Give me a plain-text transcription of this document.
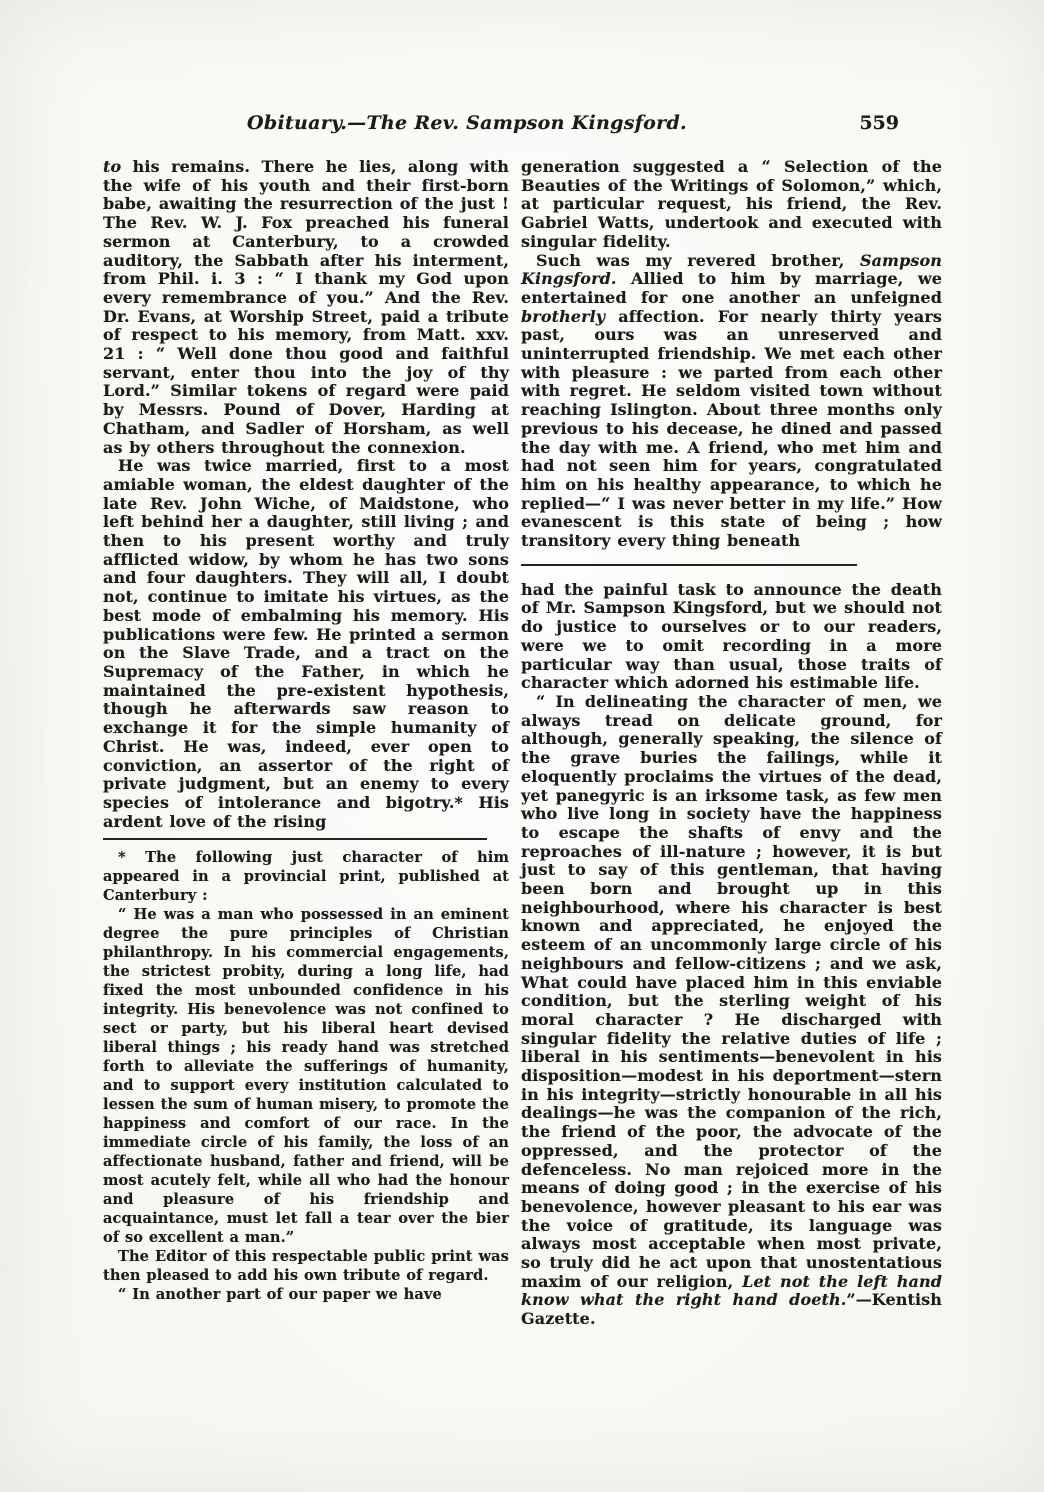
Obituary.—The Rev. Sampson Kingsford.	559

to his remains. There he lies, along with the wife of his youth and their first-born babe, awaiting the resurrection of the just ! The Rev. W. J. Fox preached his funeral sermon at Canterbury, to a crowded auditory, the Sabbath after his interment, from Phil. i. 3 : “ I thank my God upon every remembrance of you.” And the Rev. Dr. Evans, at Worship Street, paid a tribute of respect to his memory, from Matt. xxv. 21 : “ Well done thou good and faithful servant, enter thou into the joy of thy Lord.” Similar tokens of regard were paid by Messrs. Pound of Dover, Harding at Chatham, and Sadler of Horsham, as well as by others throughout the connexion.

He was twice married, first to a most amiable woman, the eldest daughter of the late Rev. John Wiche, of Maidstone, who left behind her a daughter, still living ; and then to his present worthy and truly afflicted widow, by whom he has two sons and four daughters. They will all, I doubt not, continue to imitate his virtues, as the best mode of embalming his memory. His publications were few. He printed a sermon on the Slave Trade, and a tract on the Supremacy of the Father, in which he maintained the pre-existent hypothesis, though he afterwards saw reason to exchange it for the simple humanity of Christ. He was, indeed, ever open to conviction, an assertor of the right of private judgment, but an enemy to every species of intolerance and bigotry.* His ardent love of the rising

* The following just character of him appeared in a provincial print, published at Canterbury :

“ He was a man who possessed in an eminent degree the pure principles of Christian philanthropy. In his commercial engagements, the strictest probity, during a long life, had fixed the most unbounded confidence in his integrity. His benevolence was not confined to sect or party, but his liberal heart devised liberal things ; his ready hand was stretched forth to alleviate the sufferings of humanity, and to support every institution calculated to lessen the sum of human misery, to promote the happiness and comfort of our race. In the immediate circle of his family, the loss of an affectionate husband, father and friend, will be most acutely felt, while all who had the honour and pleasure of his friendship and acquaintance, must let fall a tear over the bier of so excellent a man.”

The Editor of this respectable public print was then pleased to add his own tribute of regard.

“ In another part of our paper we have

generation suggested a “ Selection of the Beauties of the Writings of Solomon,” which, at particular request, his friend, the Rev. Gabriel Watts, undertook and executed with singular fidelity.

Such was my revered brother, Sampson Kingsford. Allied to him by marriage, we entertained for one another an unfeigned brotherly affection. For nearly thirty years past, ours was an unreserved and uninterrupted friendship. We met each other with pleasure : we parted from each other with regret. He seldom visited town without reaching Islington. About three months only previous to his decease, he dined and passed the day with me. A friend, who met him and had not seen him for years, congratulated him on his healthy appearance, to which he replied—“ I was never better in my life.” How evanescent is this state of being ; how transitory every thing beneath

had the painful task to announce the death of Mr. Sampson Kingsford, but we should not do justice to ourselves or to our readers, were we to omit recording in a more particular way than usual, those traits of character which adorned his estimable life.

“ In delineating the character of men, we always tread on delicate ground, for although, generally speaking, the silence of the grave buries the failings, while it eloquently proclaims the virtues of the dead, yet panegyric is an irksome task, as few men who live long in society have the happiness to escape the shafts of envy and the reproaches of ill-nature ; however, it is but just to say of this gentleman, that having been born and brought up in this neighbourhood, where his character is best known and appreciated, he enjoyed the esteem of an uncommonly large circle of his neighbours and fellow-citizens ; and we ask, What could have placed him in this enviable condition, but the sterling weight of his moral character ? He discharged with singular fidelity the relative duties of life ; liberal in his sentiments—benevolent in his disposition—modest in his deportment—stern in his integrity—strictly honourable in all his dealings—he was the companion of the rich, the friend of the poor, the advocate of the oppressed, and the protector of the defenceless. No man rejoiced more in the means of doing good ; in the exercise of his benevolence, however pleasant to his ear was the voice of gratitude, its language was always most acceptable when most private, so truly did he act upon that unostentatious maxim of our religion, Let not the left hand know what the right hand doeth.”—Kentish Gazette.
